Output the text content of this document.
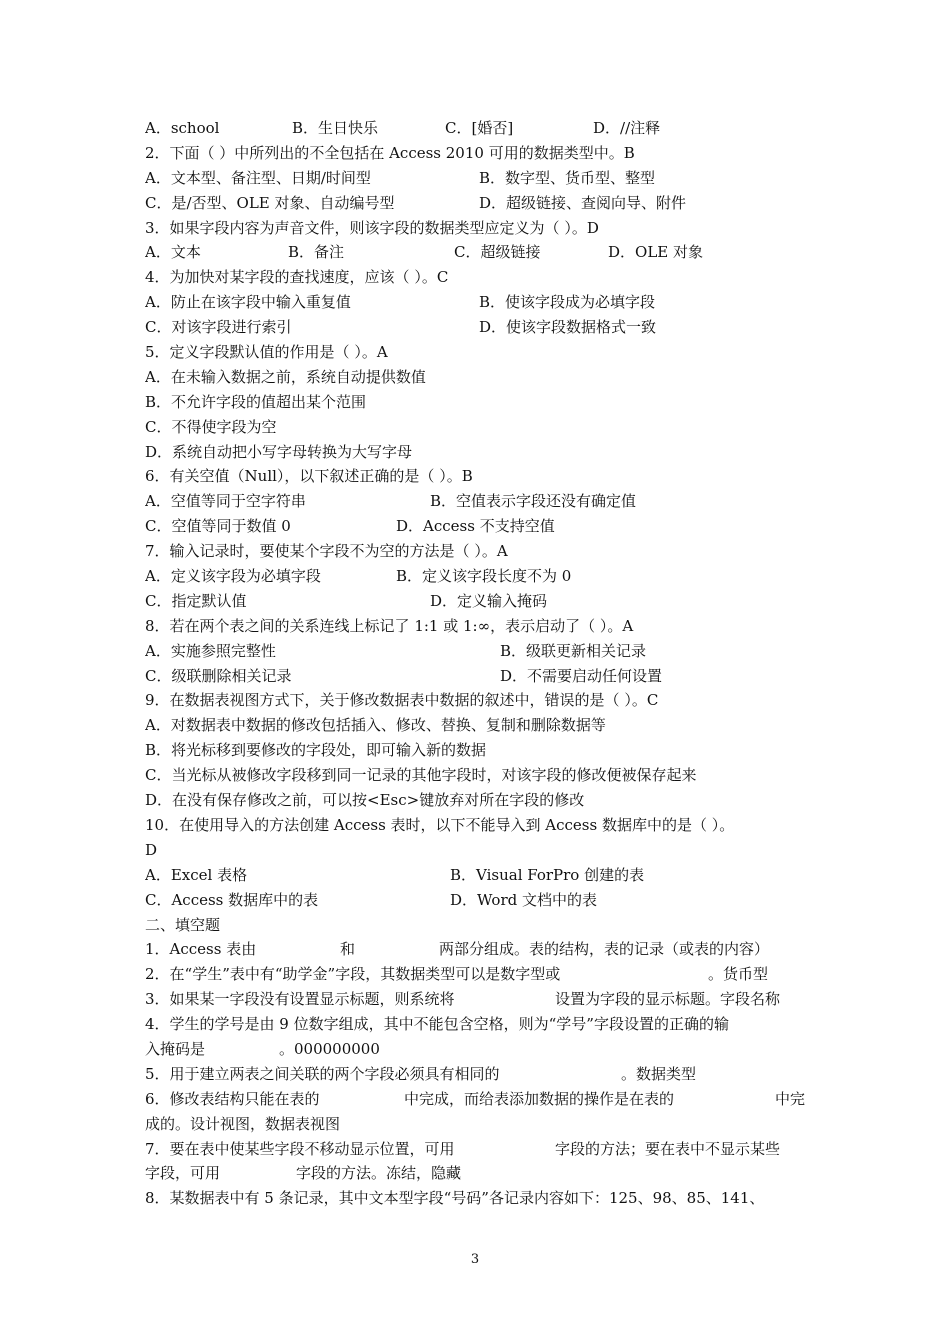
A．school	B．生日快乐	C．[婚否]	D．//注释
2．下面（ ）中所列出的不全包括在 Access 2010 可用的数据类型中。B
A．文本型、备注型、日期/时间型	B．数字型、货币型、整型
C．是/否型、OLE 对象、自动编号型	D．超级链接、查阅向导、附件
3．如果字段内容为声音文件，则该字段的数据类型应定义为（ ）。D
A．文本	B．备注	C．超级链接	D．OLE 对象
4．为加快对某字段的查找速度，应该（ ）。C
A．防止在该字段中输入重复值	B．使该字段成为必填字段
C．对该字段进行索引	D．使该字段数据格式一致
5．定义字段默认值的作用是（ ）。A
A．在未输入数据之前，系统自动提供数值
B．不允许字段的值超出某个范围
C．不得使字段为空
D．系统自动把小写字母转换为大写字母
6．有关空值（Null），以下叙述正确的是（ ）。B
A．空值等同于空字符串	B．空值表示字段还没有确定值
C．空值等同于数值 0	D．Access 不支持空值
7．输入记录时，要使某个字段不为空的方法是（ ）。A
A．定义该字段为必填字段	B．定义该字段长度不为 0
C．指定默认值	D．定义输入掩码
8．若在两个表之间的关系连线上标记了 1:1 或 1:∞，表示启动了（ ）。A
A．实施参照完整性	B．级联更新相关记录
C．级联删除相关记录	D．不需要启动任何设置
9．在数据表视图方式下，关于修改数据表中数据的叙述中，错误的是（ ）。C
A．对数据表中数据的修改包括插入、修改、替换、复制和删除数据等
B．将光标移到要修改的字段处，即可输入新的数据
C．当光标从被修改字段移到同一记录的其他字段时，对该字段的修改便被保存起来
D．在没有保存修改之前，可以按<Esc>键放弃对所在字段的修改
10．在使用导入的方法创建 Access 表时，以下不能导入到 Access 数据库中的是（ ）。
D
A．Excel 表格	B．Visual ForPro 创建的表
C．Access 数据库中的表	D．Word 文档中的表
二、填空题
1．Access 表由	和	两部分组成。表的结构，表的记录（或表的内容）
2．在“学生”表中有“助学金”字段，其数据类型可以是数字型或	。货币型
3．如果某一字段没有设置显示标题，则系统将	设置为字段的显示标题。字段名称
4．学生的学号是由 9 位数字组成，其中不能包含空格，则为“学号”字段设置的正确的输
入掩码是	。000000000
5．用于建立两表之间关联的两个字段必须具有相同的	。数据类型
6．修改表结构只能在表的	中完成，而给表添加数据的操作是在表的	中完
成的。设计视图，数据表视图
7．要在表中使某些字段不移动显示位置，可用	字段的方法；要在表中不显示某些
字段，可用	字段的方法。冻结，隐藏
8．某数据表中有 5 条记录，其中文本型字段“号码”各记录内容如下：125、98、85、141、
3
